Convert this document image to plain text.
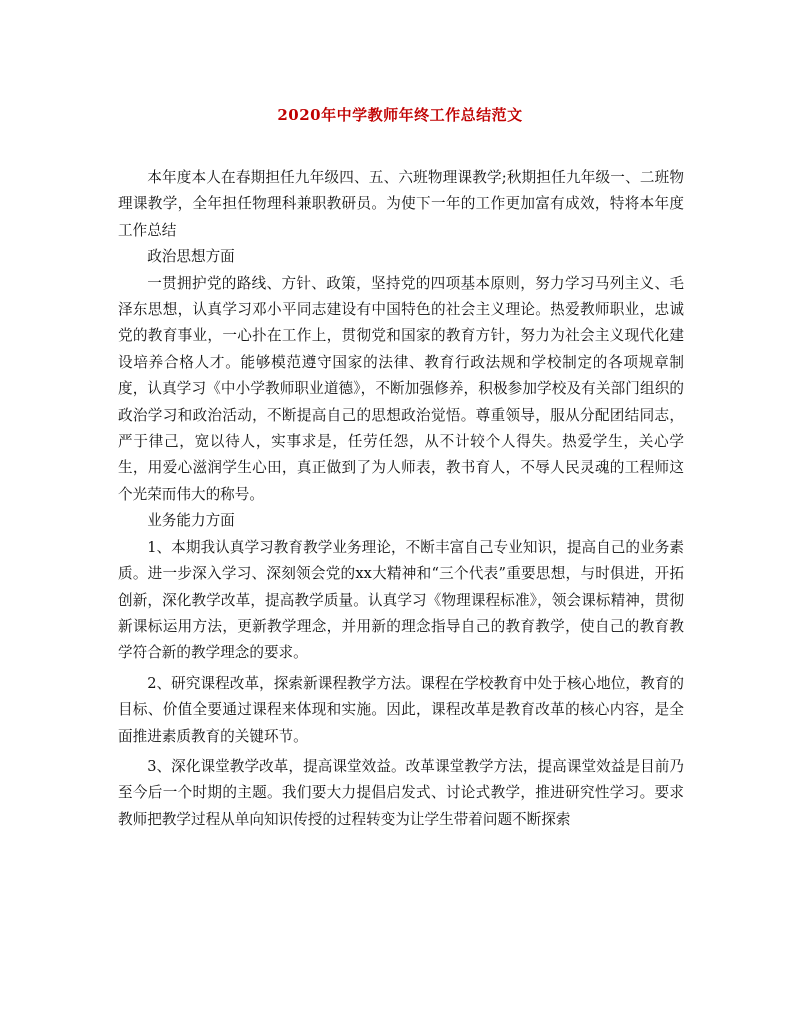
2020年中学教师年终工作总结范文

本年度本人在春期担任九年级四、五、六班物理课教学;秋期担任九年级一、二班物理课教学，全年担任物理科兼职教研员。为使下一年的工作更加富有成效，特将本年度工作总结

政治思想方面

一贯拥护党的路线、方针、政策，坚持党的四项基本原则，努力学习马列主义、毛泽东思想，认真学习邓小平同志建设有中国特色的社会主义理论。热爱教师职业，忠诚党的教育事业，一心扑在工作上，贯彻党和国家的教育方针，努力为社会主义现代化建设培养合格人才。能够模范遵守国家的法律、教育行政法规和学校制定的各项规章制度，认真学习《中小学教师职业道德》，不断加强修养，积极参加学校及有关部门组织的政治学习和政治活动，不断提高自己的思想政治觉悟。尊重领导，服从分配团结同志，严于律己，宽以待人，实事求是，任劳任怨，从不计较个人得失。热爱学生，关心学生，用爱心滋润学生心田，真正做到了为人师表，教书育人，不辱人民灵魂的工程师这个光荣而伟大的称号。

业务能力方面

1、本期我认真学习教育教学业务理论，不断丰富自己专业知识，提高自己的业务素质。进一步深入学习、深刻领会党的xx大精神和“三个代表”重要思想，与时俱进，开拓创新，深化教学改革，提高教学质量。认真学习《物理课程标准》，领会课标精神，贯彻新课标运用方法，更新教学理念，并用新的理念指导自己的教育教学，使自己的教育教学符合新的教学理念的要求。

2、研究课程改革，探索新课程教学方法。课程在学校教育中处于核心地位，教育的目标、价值全要通过课程来体现和实施。因此，课程改革是教育改革的核心内容，是全面推进素质教育的关键环节。

3、深化课堂教学改革，提高课堂效益。改革课堂教学方法，提高课堂效益是目前乃至今后一个时期的主题。我们要大力提倡启发式、讨论式教学，推进研究性学习。要求教师把教学过程从单向知识传授的过程转变为让学生带着问题不断探索
